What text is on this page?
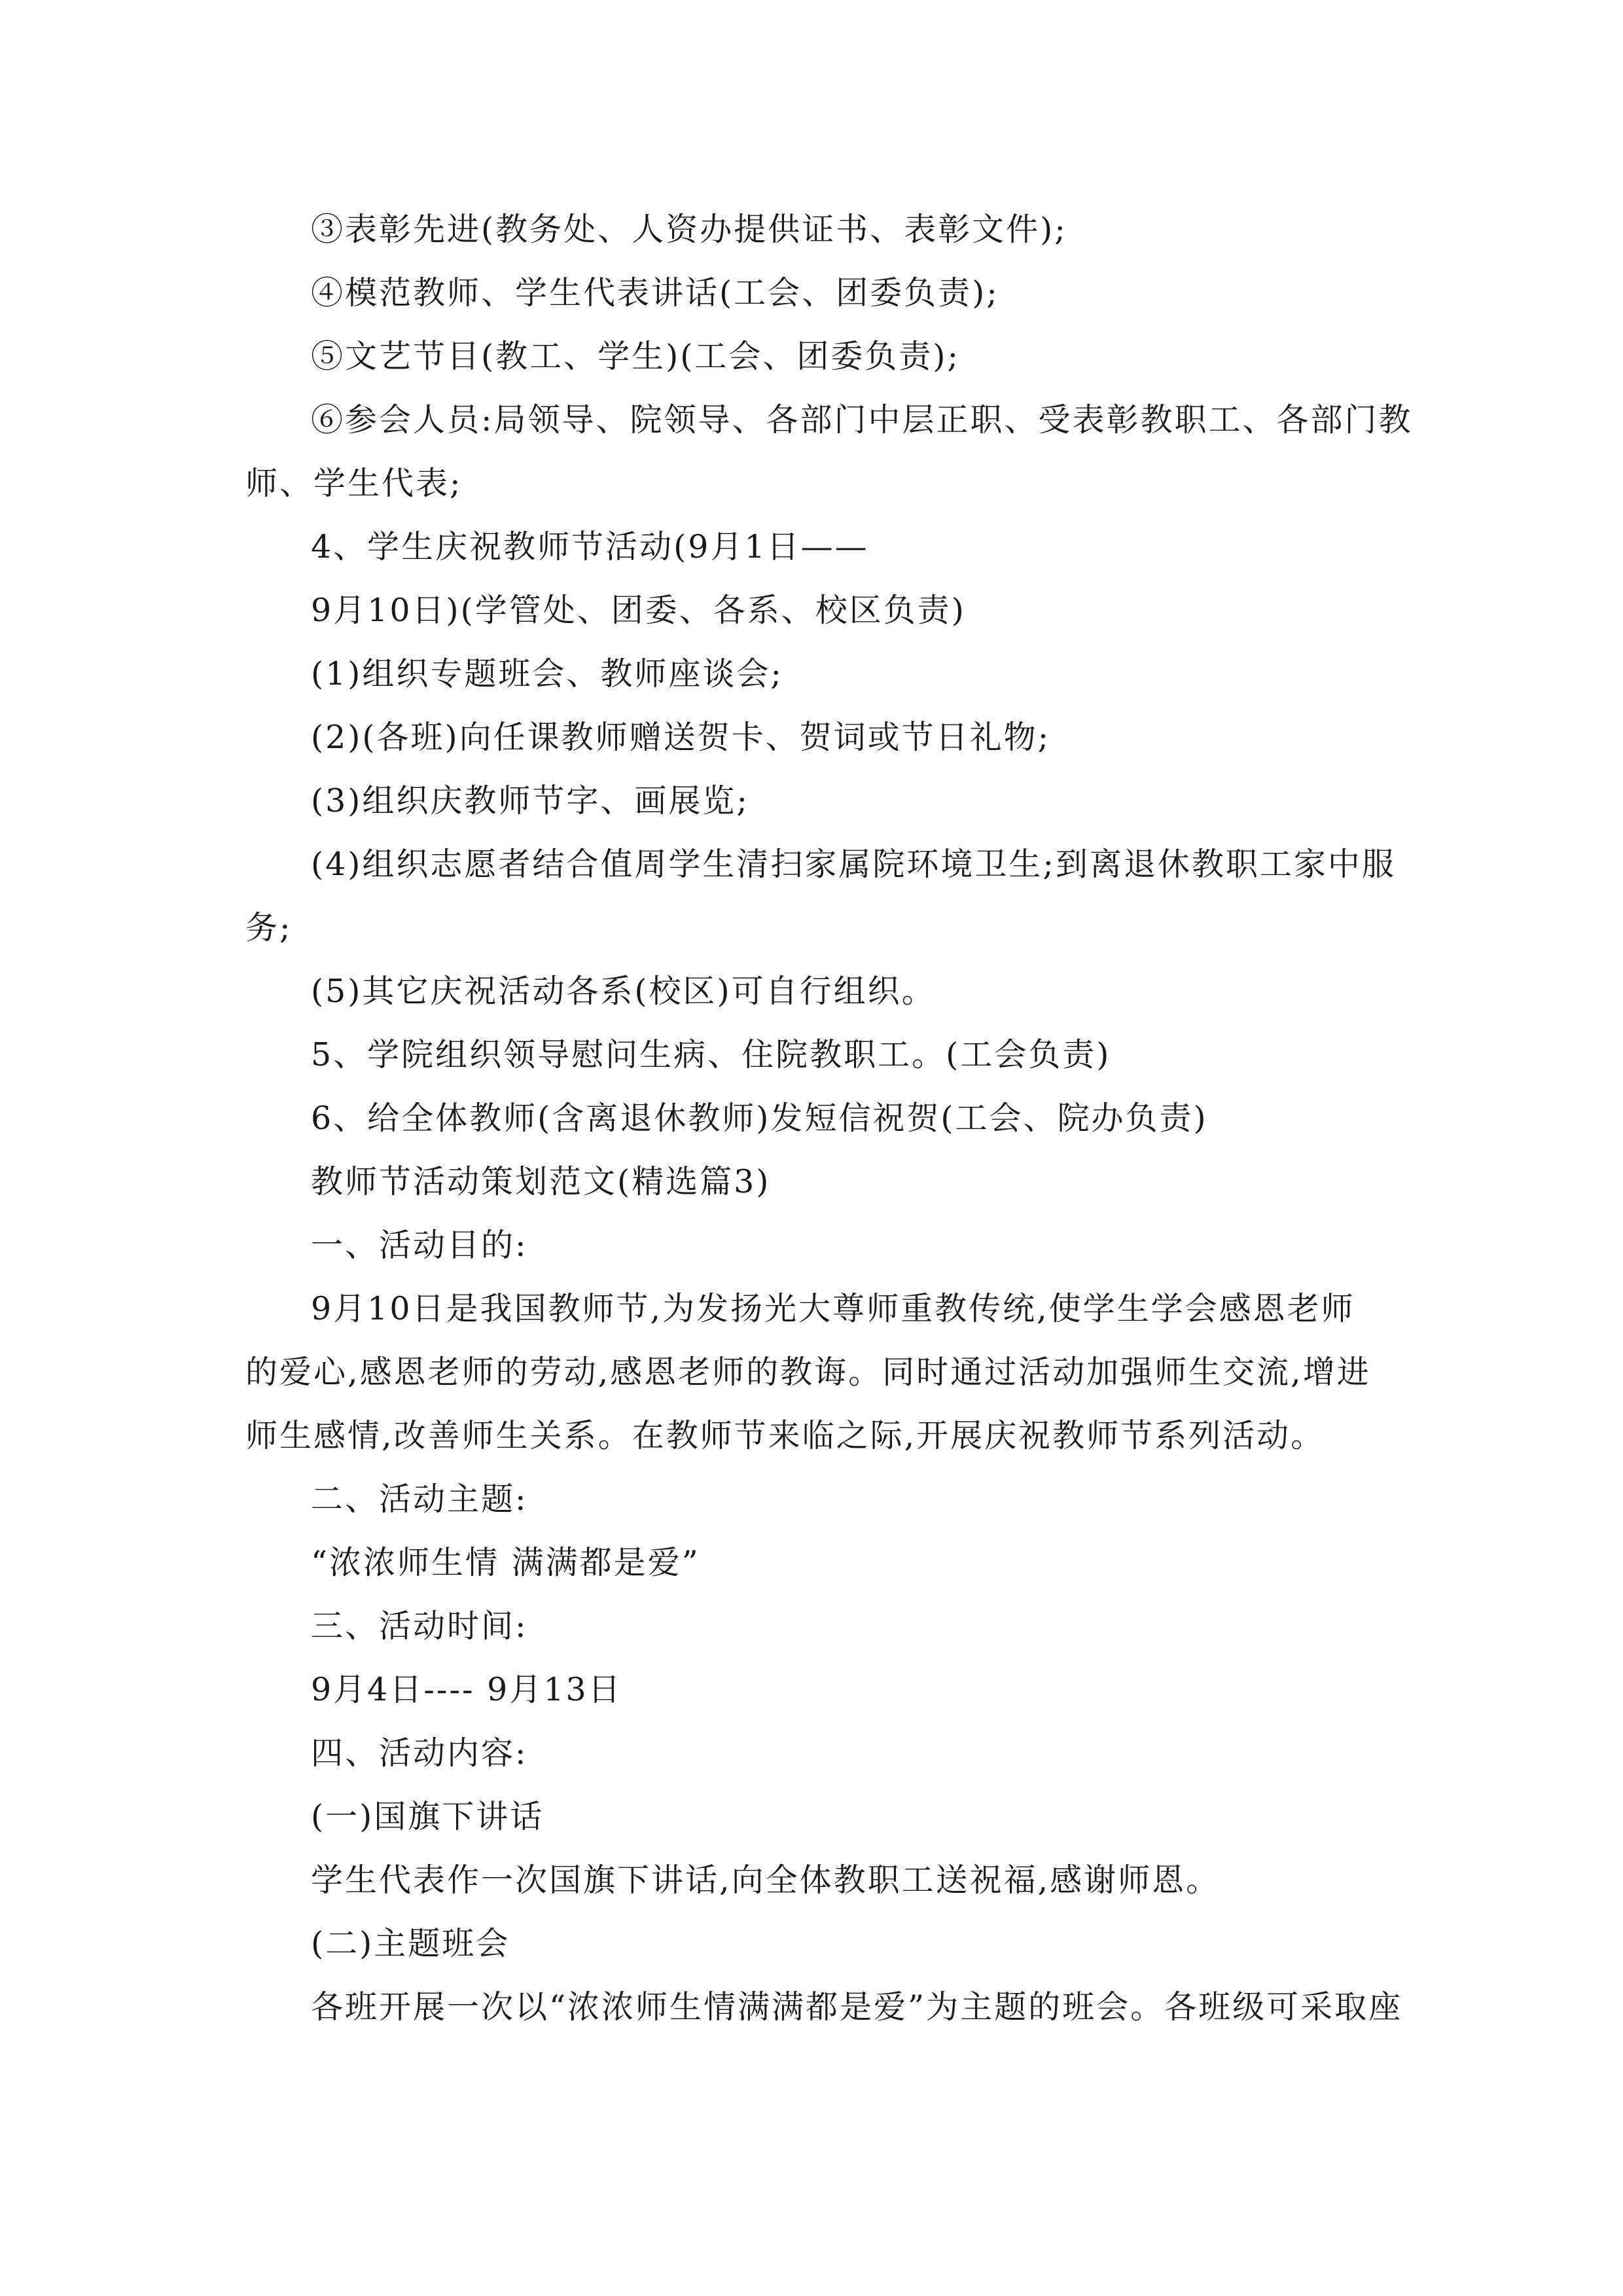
③表彰先进(教务处、人资办提供证书、表彰文件);
④模范教师、学生代表讲话(工会、团委负责);
⑤文艺节目(教工、学生)(工会、团委负责);
⑥参会人员:局领导、院领导、各部门中层正职、受表彰教职工、各部门教
师、学生代表;
4、学生庆祝教师节活动(9月1日——
9月10日)(学管处、团委、各系、校区负责)
(1)组织专题班会、教师座谈会;
(2)(各班)向任课教师赠送贺卡、贺词或节日礼物;
(3)组织庆教师节字、画展览;
(4)组织志愿者结合值周学生清扫家属院环境卫生;到离退休教职工家中服
务;
(5)其它庆祝活动各系(校区)可自行组织。
5、学院组织领导慰问生病、住院教职工。(工会负责)
6、给全体教师(含离退休教师)发短信祝贺(工会、院办负责)
教师节活动策划范文(精选篇3)
一、活动目的:
9月10日是我国教师节,为发扬光大尊师重教传统,使学生学会感恩老师
的爱心,感恩老师的劳动,感恩老师的教诲。同时通过活动加强师生交流,增进
师生感情,改善师生关系。在教师节来临之际,开展庆祝教师节系列活动。
二、活动主题:
“浓浓师生情 满满都是爱”
三、活动时间:
9月4日---- 9月13日
四、活动内容:
(一)国旗下讲话
学生代表作一次国旗下讲话,向全体教职工送祝福,感谢师恩。
(二)主题班会
各班开展一次以“浓浓师生情满满都是爱”为主题的班会。各班级可采取座
